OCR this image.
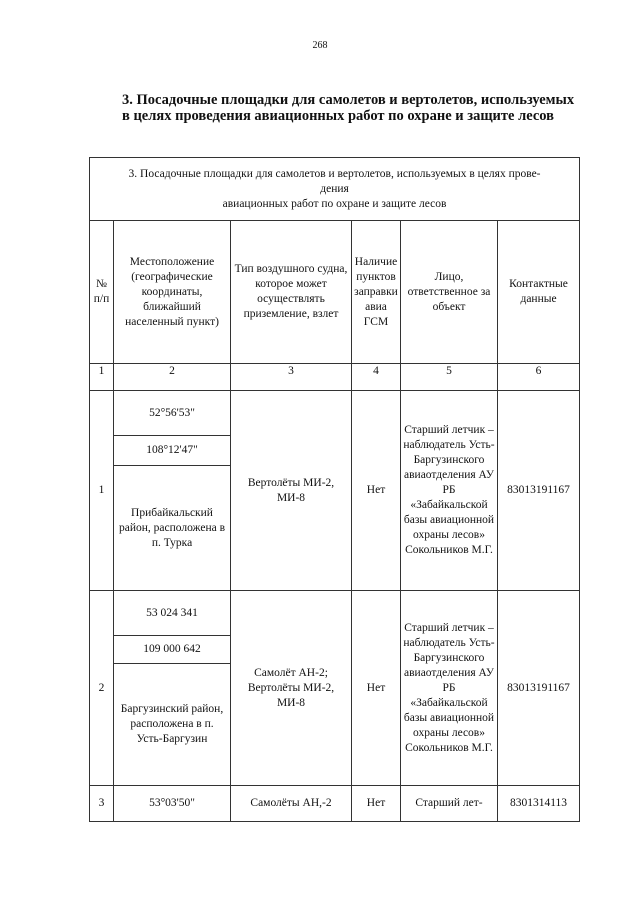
268
3. Посадочные площадки для самолетов и вертолетов, используемых в целях проведения авиационных работ по охране и защите лесов
3. Посадочные площадки для самолетов и вертолетов, используемых в целях прове-
дения
авиационных работ по охране и защите лесов					

№ п/п	Местоположение (географические координаты, ближайший населенный пункт)	Тип воздушного судна, которое может осуществлять приземление, взлет	Наличие пунктов заправки авиа ГСМ	Лицо, ответственное за объект	Контактные данные
1	2	3	4	5	6
1	52°56'53"	Вертолёты МИ-2, МИ-8	Нет	Старший летчик – наблюдатель Усть-Баргузинского авиаотделения АУ РБ «Забайкальской базы авиационной охраны лесов» Сокольников М.Г.	83013191167
	108°12'47"				
	Прибайкальский район, расположена в п. Турка				
2	53 024 341	Самолёт АН-2; Вертолёты МИ-2, МИ-8	Нет	Старший летчик – наблюдатель Усть-Баргузинского авиаотделения АУ РБ «Забайкальской базы авиационной охраны лесов» Сокольников М.Г.	83013191167
	109 000 642				
	Баргузинский район, расположена в п. Усть-Баргузин				
3	53°03'50"	Самолёты АН,-2	Нет	Старший лет-	8301314113
